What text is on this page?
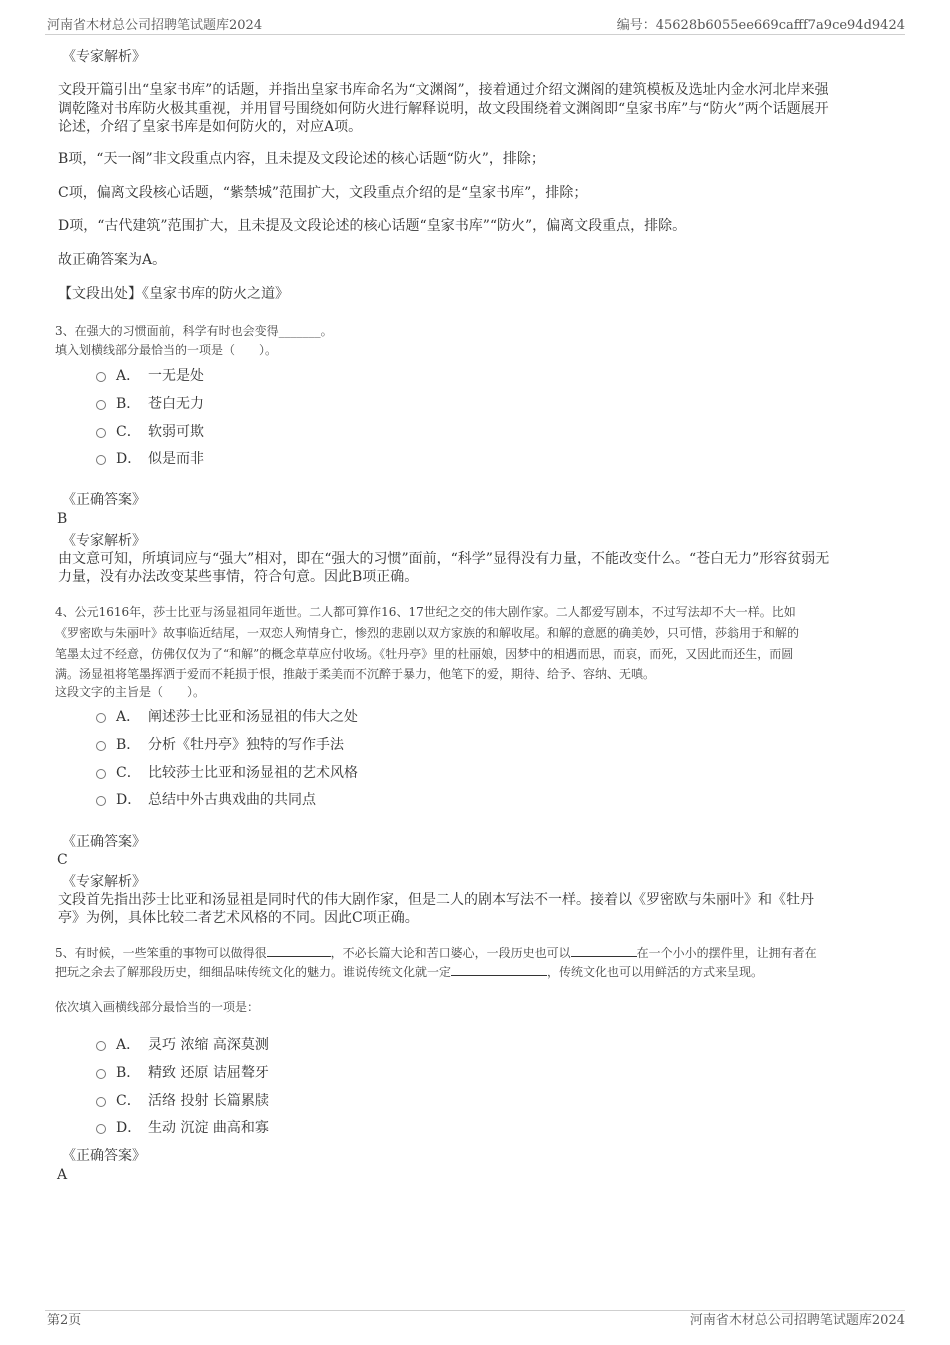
河南省木材总公司招聘笔试题库2024	编号：45628b6055ee669cafff7a9ce94d9424
《专家解析》
文段开篇引出“皇家书库”的话题，并指出皇家书库命名为“文渊阁”，接着通过介绍文渊阁的建筑模板及选址内金水河北岸来强
调乾隆对书库防火极其重视，并用冒号围绕如何防火进行解释说明，故文段围绕着文渊阁即“皇家书库”与“防火”两个话题展开
论述，介绍了皇家书库是如何防火的，对应A项。
B项，“天一阁”非文段重点内容，且未提及文段论述的核心话题“防火”，排除；
C项，偏离文段核心话题，“紫禁城”范围扩大，文段重点介绍的是“皇家书库”，排除；
D项，“古代建筑”范围扩大，且未提及文段论述的核心话题“皇家书库”“防火”，偏离文段重点，排除。
故正确答案为A。
【文段出处】《皇家书库的防火之道》
3、在强大的习惯面前，科学有时也会变得_______。
填入划横线部分最恰当的一项是（　　）。
A． 一无是处
B． 苍白无力
C． 软弱可欺
D． 似是而非
《正确答案》
B
《专家解析》
由文意可知，所填词应与“强大”相对，即在“强大的习惯”面前，“科学”显得没有力量，不能改变什么。“苍白无力”形容贫弱无
力量，没有办法改变某些事情，符合句意。因此B项正确。
4、公元1616年，莎士比亚与汤显祖同年逝世。二人都可算作16、17世纪之交的伟大剧作家。二人都爱写剧本，不过写法却不大一样。比如
《罗密欧与朱丽叶》故事临近结尾，一双恋人殉情身亡，惨烈的悲剧以双方家族的和解收尾。和解的意愿的确美妙，只可惜，莎翁用于和解的
笔墨太过不经意，仿佛仅仅为了“和解”的概念草草应付收场。《牡丹亭》里的杜丽娘，因梦中的相遇而思，而哀，而死，又因此而还生，而圆
满。汤显祖将笔墨挥洒于爱而不耗损于恨，推敲于柔美而不沉醉于暴力，他笔下的爱，期待、给予、容纳、无嗔。
这段文字的主旨是（　　）。
A． 阐述莎士比亚和汤显祖的伟大之处
B． 分析《牡丹亭》独特的写作手法
C． 比较莎士比亚和汤显祖的艺术风格
D． 总结中外古典戏曲的共同点
《正确答案》
C
《专家解析》
文段首先指出莎士比亚和汤显祖是同时代的伟大剧作家，但是二人的剧本写法不一样。接着以《罗密欧与朱丽叶》和《牡丹
亭》为例，具体比较二者艺术风格的不同。因此C项正确。
5、有时候，一些笨重的事物可以做得很	，不必长篇大论和苦口婆心，一段历史也可以	在一个小小的摆件里，让拥有者在
把玩之余去了解那段历史，细细品味传统文化的魅力。谁说传统文化就一定	，传统文化也可以用鲜活的方式来呈现。
依次填入画横线部分最恰当的一项是：
A． 灵巧 浓缩 高深莫测
B． 精致 还原 诘屈聱牙
C． 活络 投射 长篇累牍
D． 生动 沉淀 曲高和寡
《正确答案》
A
第2页	河南省木材总公司招聘笔试题库2024
